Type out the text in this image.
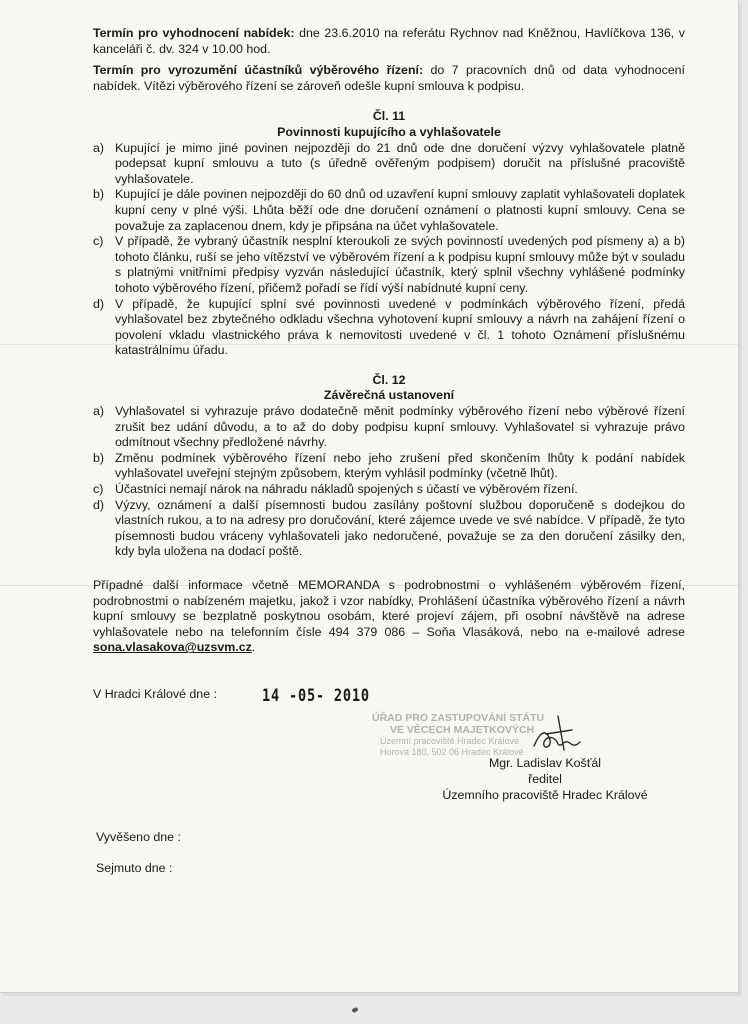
Termín pro vyhodnocení nabídek: dne 23.6.2010 na referátu Rychnov nad Kněžnou, Havlíčkova 136, v kanceláři č. dv. 324 v 10.00 hod.

Termín pro vyrozumění účastníků výběrového řízení: do 7 pracovních dnů od data vyhodnocení nabídek. Vítězi výběrového řízení se zároveň odešle kupní smlouva k podpisu.

Čl. 11

Povinnosti kupujícího a vyhlašovatele

a) Kupující je mimo jiné povinen nejpozději do 21 dnů ode dne doručení výzvy vyhlašovatele platně podepsat kupní smlouvu a tuto (s úředně ověřeným podpisem) doručit na příslušné pracoviště vyhlašovatele.
b) Kupující je dále povinen nejpozději do 60 dnů od uzavření kupní smlouvy zaplatit vyhlašovateli doplatek kupní ceny v plné výši. Lhůta běží ode dne doručení oznámení o platnosti kupní smlouvy. Cena se považuje za zaplacenou dnem, kdy je připsána na účet vyhlašovatele.
c) V případě, že vybraný účastník nesplní kteroukoli ze svých povinností uvedených pod písmeny a) a b) tohoto článku, ruší se jeho vítězství ve výběrovém řízení a k podpisu kupní smlouvy může být v souladu s platnými vnitřními předpisy vyzván následující účastník, který splnil všechny vyhlášené podmínky tohoto výběrového řízení, přičemž pořadí se řídí výší nabídnuté kupní ceny.
d) V případě, že kupující splní své povinnosti uvedené v podmínkách výběrového řízení, předá vyhlašovatel bez zbytečného odkladu všechna vyhotovení kupní smlouvy a návrh na zahájení řízení o povolení vkladu vlastnického práva k nemovitosti uvedené v čl. 1 tohoto Oznámení příslušnému katastrálnímu úřadu.

Čl. 12

Závěrečná ustanovení

a) Vyhlašovatel si vyhrazuje právo dodatečně měnit podmínky výběrového řízení nebo výběrové řízení zrušit bez udání důvodu, a to až do doby podpisu kupní smlouvy. Vyhlašovatel si vyhrazuje právo odmítnout všechny předložené návrhy.
b) Změnu podmínek výběrového řízení nebo jeho zrušení před skončením lhůty k podání nabídek vyhlašovatel uveřejní stejným způsobem, kterým vyhlásil podmínky (včetně lhůt).
c) Účastníci nemají nárok na náhradu nákladů spojených s účastí ve výběrovém řízení.
d) Výzvy, oznámení a další písemnosti budou zasílány poštovní službou doporučeně s dodejkou do vlastních rukou, a to na adresy pro doručování, které zájemce uvede ve své nabídce. V případě, že tyto písemnosti budou vráceny vyhlašovateli jako nedoručené, považuje se za den doručení zásilky den, kdy byla uložena na dodací poště.

Případné další informace včetně MEMORANDA s podrobnostmi o vyhlášeném výběrovém řízení, podrobnostmi o nabízeném majetku, jakož i vzor nabídky, Prohlášení účastníka výběrového řízení a návrh kupní smlouvy se bezplatně poskytnou osobám, které projeví zájem, při osobní návštěvě na adrese vyhlašovatele nebo na telefonním čísle 494 379 086 – Soňa Vlasáková, nebo na e-mailové adrese sona.vlasakova@uzsvm.cz.

V Hradci Králové dne :	14 -05- 2010
ÚŘAD PRO ZASTUPOVÁNÍ STÁTU
VE VĚCECH MAJETKOVÝCH
Územní pracoviště Hradec Králové
Horova 180, 502 06 Hradec Králové
Mgr. Ladislav Košťál
ředitel
Územního pracoviště Hradec Králové
Vyvěšeno dne :
Sejmuto dne :
